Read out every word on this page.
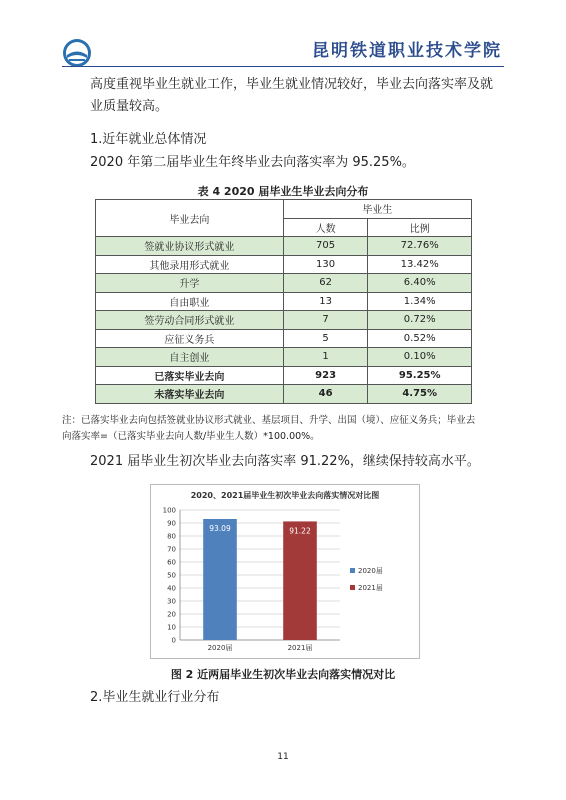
昆明铁道职业技术学院

高度重视毕业生就业工作，毕业生就业情况较好，毕业去向落实率及就

业质量较高。

1.近年就业总体情况

2020 年第二届毕业生年终毕业去向落实率为 95.25%。

表 4 2020 届毕业生毕业去向分布
毕业去向	毕业生	
	人数	比例
签就业协议形式就业	705	72.76%
其他录用形式就业	130	13.42%
升学	62	6.40%
自由职业	13	1.34%
签劳动合同形式就业	7	0.72%
应征义务兵	5	0.52%
自主创业	1	0.10%
已落实毕业去向	923	95.25%
未落实毕业去向	46	4.75%

注：已落实毕业去向包括签就业协议形式就业、基层项目、升学、出国（境）、应征义务兵；毕业去
向落实率=（已落实毕业去向人数/毕业生人数）*100.00%。

2021 届毕业生初次毕业去向落实率 91.22%，继续保持较高水平。

2020、2021届毕业生初次毕业去向落实情况对比图
0
10
20
30
40
50
60
70
80
90
100
93.09
2020届
91.22
2021届
2020届
2021届
图 2 近两届毕业生初次毕业去向落实情况对比
2.毕业生就业行业分布
11
